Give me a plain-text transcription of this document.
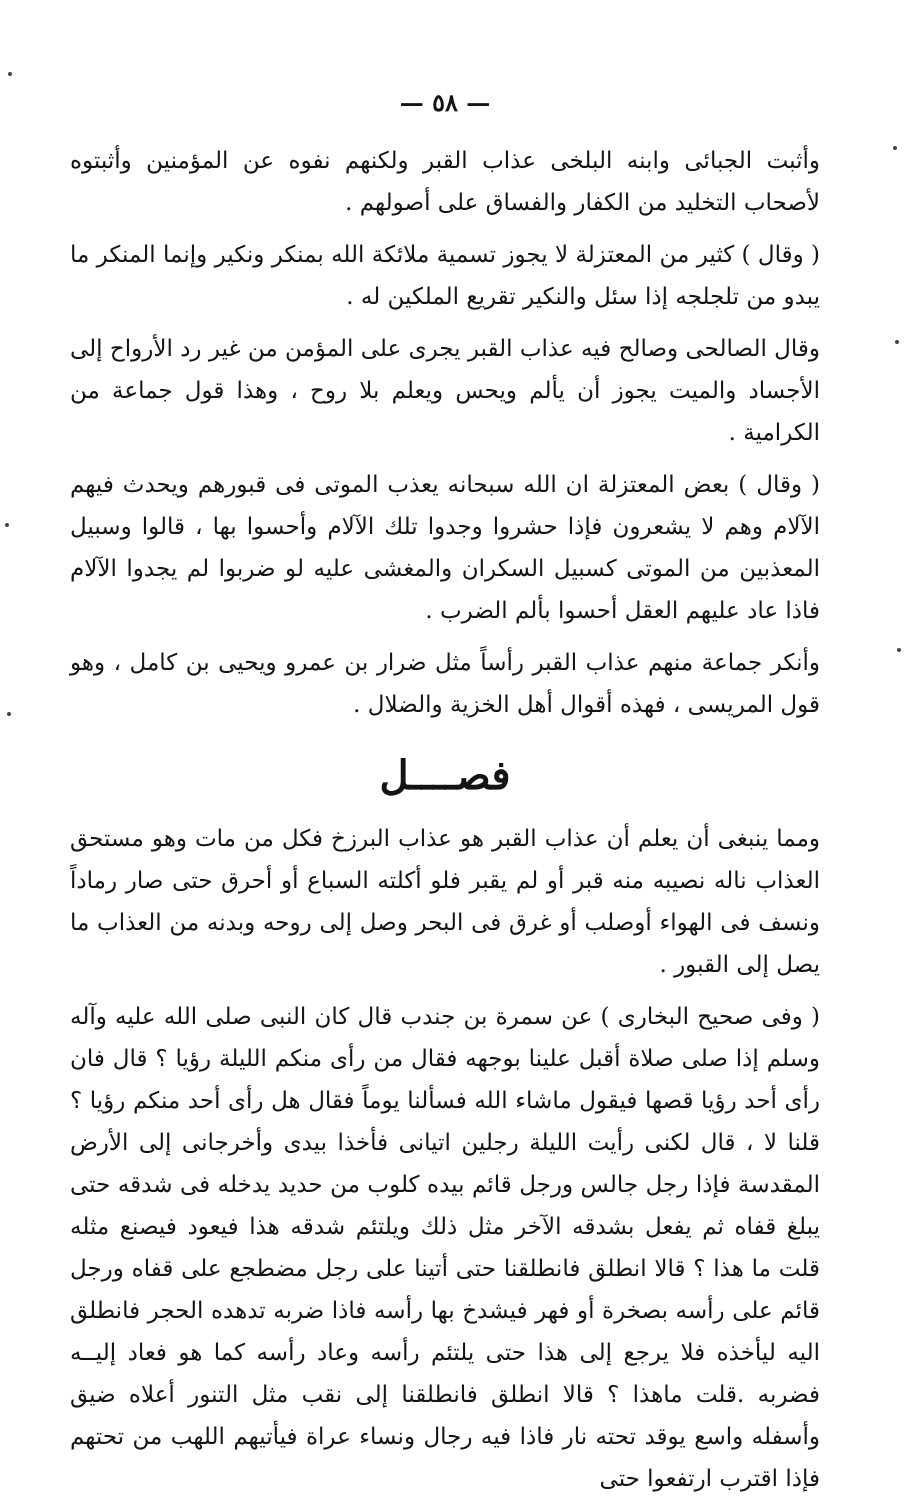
— ٥٨ —

وأثبت الجبائى وابنه البلخى عذاب القبر ولكنهم نفوه عن المؤمنين وأثبتوه لأصحاب التخليد من الكفار والفساق على أصولهم .

( وقال ) كثير من المعتزلة لا يجوز تسمية ملائكة الله بمنكر ونكير وإنما المنكر ما يبدو من تلجلجه إذا سئل والنكير تقريع الملكين له .

وقال الصالحى وصالح فيه عذاب القبر يجرى على المؤمن من غير رد الأرواح إلى الأجساد والميت يجوز أن يألم ويحس ويعلم بلا روح ، وهذا قول جماعة من الكرامية .

( وقال ) بعض المعتزلة ان الله سبحانه يعذب الموتى فى قبورهم ويحدث فيهم الآلام وهم لا يشعرون فإذا حشروا وجدوا تلك الآلام وأحسوا بها ، قالوا وسبيل المعذبين من الموتى كسبيل السكران والمغشى عليه لو ضربوا لم يجدوا الآلام فاذا عاد عليهم العقل أحسوا بألم الضرب .

وأنكر جماعة منهم عذاب القبر رأساً مثل ضرار بن عمرو ويحيى بن كامل ، وهو قول المريسى ، فهذه أقوال أهل الخزية والضلال .

فصــــل

ومما ينبغى أن يعلم أن عذاب القبر هو عذاب البرزخ فكل من مات وهو مستحق العذاب ناله نصيبه منه قبر أو لم يقبر فلو أكلته السباع أو أحرق حتى صار رماداً ونسف فى الهواء أوصلب أو غرق فى البحر وصل إلى روحه وبدنه من العذاب ما يصل إلى القبور .

( وفى صحيح البخارى ) عن سمرة بن جندب قال كان النبى صلى الله عليه وآله وسلم إذا صلى صلاة أقبل علينا بوجهه فقال من رأى منكم الليلة رؤيا ؟ قال فان رأى أحد رؤيا قصها فيقول ماشاء الله فسألنا يوماً فقال هل رأى أحد منكم رؤيا ؟ قلنا لا ، قال لكنى رأيت الليلة رجلين اتيانى فأخذا بيدى وأخرجانى إلى الأرض المقدسة فإذا رجل جالس ورجل قائم بيده كلوب من حديد يدخله فى شدقه حتى يبلغ قفاه ثم يفعل بشدقه الآخر مثل ذلك ويلتئم شدقه هذا فيعود فيصنع مثله قلت ما هذا ؟ قالا انطلق فانطلقنا حتى أتينا على رجل مضطجع على قفاه ورجل قائم على رأسه بصخرة أو فهر فيشدخ بها رأسه فاذا ضربه تدهده الحجر فانطلق اليه ليأخذه فلا يرجع إلى هذا حتى يلتئم رأسه وعاد رأسه كما هو فعاد إليــه فضربه .قلت ماهذا ؟ قالا انطلق فانطلقنا إلى نقب مثل التنور أعلاه ضيق وأسفله واسع يوقد تحته نار فاذا فيه رجال ونساء عراة فيأتيهم اللهب من تحتهم فإذا اقترب ارتفعوا حتى
